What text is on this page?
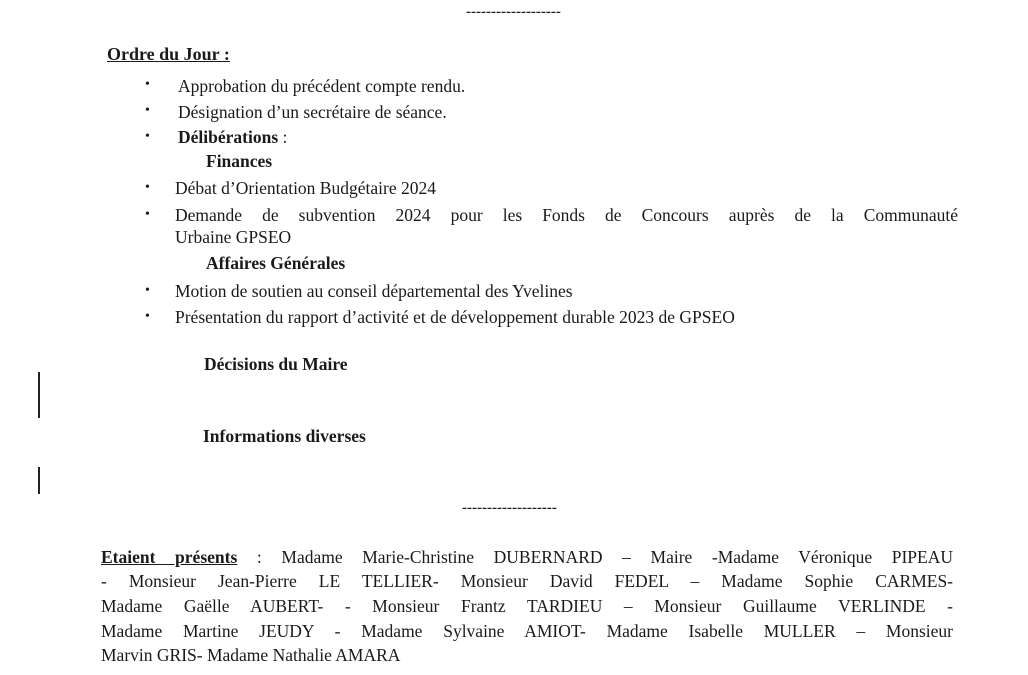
-------------------
Ordre du Jour :
• Approbation du précédent compte rendu.
• Désignation d’un secrétaire de séance.
• Délibérations :
Finances
• Débat d’Orientation Budgétaire 2024
• Demande de subvention 2024 pour les Fonds de Concours auprès de la Communauté
Urbaine GPSEO
Affaires Générales
• Motion de soutien au conseil départemental des Yvelines
• Présentation du rapport d’activité et de développement durable 2023 de GPSEO
Décisions du Maire
Informations diverses
-------------------
Etaient présents : Madame Marie-Christine DUBERNARD – Maire -Madame Véronique PIPEAU
- Monsieur Jean-Pierre LE TELLIER- Monsieur David FEDEL – Madame Sophie CARMES-
Madame Gaëlle AUBERT- - Monsieur Frantz TARDIEU – Monsieur Guillaume VERLINDE -
Madame Martine JEUDY - Madame Sylvaine AMIOT- Madame Isabelle MULLER – Monsieur
Marvin GRIS- Madame Nathalie AMARA
